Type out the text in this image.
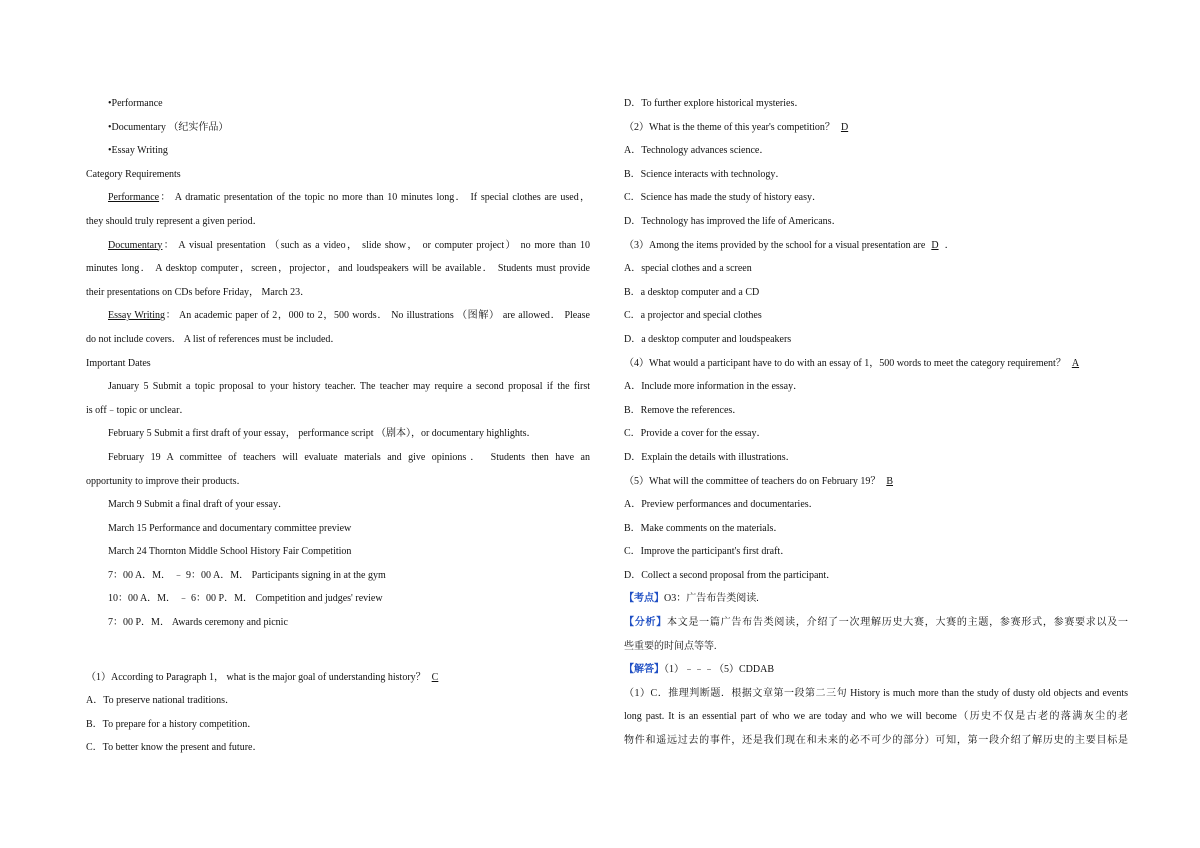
•Performance

•Documentary （纪实作品）

•Essay Writing

Category Requirements

Performance： A dramatic presentation of the topic no more than 10 minutes long． If special clothes are used，

they should truly represent a given period．

Documentary： A visual presentation （such as a video， slide show， or computer project） no more than 10

minutes long． A desktop computer，screen，projector，and loudspeakers will be available． Students must provide

their presentations on CDs before Friday， March 23．

Essay Writing： An academic paper of 2，000 to 2，500 words． No illustrations （图解） are allowed． Please

do not include covers． A list of references must be included．

Important Dates

January 5 Submit a topic proposal to your history teacher. The teacher may require a second proposal if the first

is off﹣topic or unclear．

February 5 Submit a first draft of your essay， performance script （剧本），or documentary highlights．

February 19 A committee of teachers will evaluate materials and give opinions． Students then have an

opportunity to improve their products．

March 9 Submit a final draft of your essay．

March 15 Performance and documentary committee preview

March 24 Thornton Middle School History Fair Competition

7：00 A．M． ﹣ 9：00 A．M． Participants signing in at the gym

10：00 A．M． ﹣ 6：00 P．M． Competition and judges' review

7：00 P．M． Awards ceremony and picnic

（1）According to Paragraph 1， what is the major goal of understanding history？ C

A．To preserve national traditions．

B．To prepare for a history competition．

C．To better know the present and future．

D．To further explore historical mysteries．

（2）What is the theme of this year's competition？ D

A．Technology advances science．

B．Science interacts with technology．

C．Science has made the study of history easy．

D．Technology has improved the life of Americans．

（3）Among the items provided by the school for a visual presentation are D ．

A．special clothes and a screen

B．a desktop computer and a CD

C．a projector and special clothes

D．a desktop computer and loudspeakers

（4）What would a participant have to do with an essay of 1，500 words to meet the category requirement？ A

A．Include more information in the essay．

B．Remove the references．

C．Provide a cover for the essay．

D．Explain the details with illustrations．

（5）What will the committee of teachers do on February 19？ B

A．Preview performances and documentaries．

B．Make comments on the materials．

C．Improve the participant's first draft．

D．Collect a second proposal from the participant．

【考点】O3：广告布告类阅读.

【分析】本文是一篇广告布告类阅读，介绍了一次理解历史大赛，大赛的主题，参赛形式，参赛要求以及一

些重要的时间点等等.

【解答】（1）﹣﹣﹣（5）CDDAB

（1）C．推理判断题．根据文章第一段第二三句 History is much more than the study of dusty old objects and events

long past. It is an essential part of who we are today and who we will become（历史不仅是古老的落满灰尘的老

物件和遥远过去的事件，还是我们现在和未来的必不可少的部分）可知，第一段介绍了解历史的主要目标是
